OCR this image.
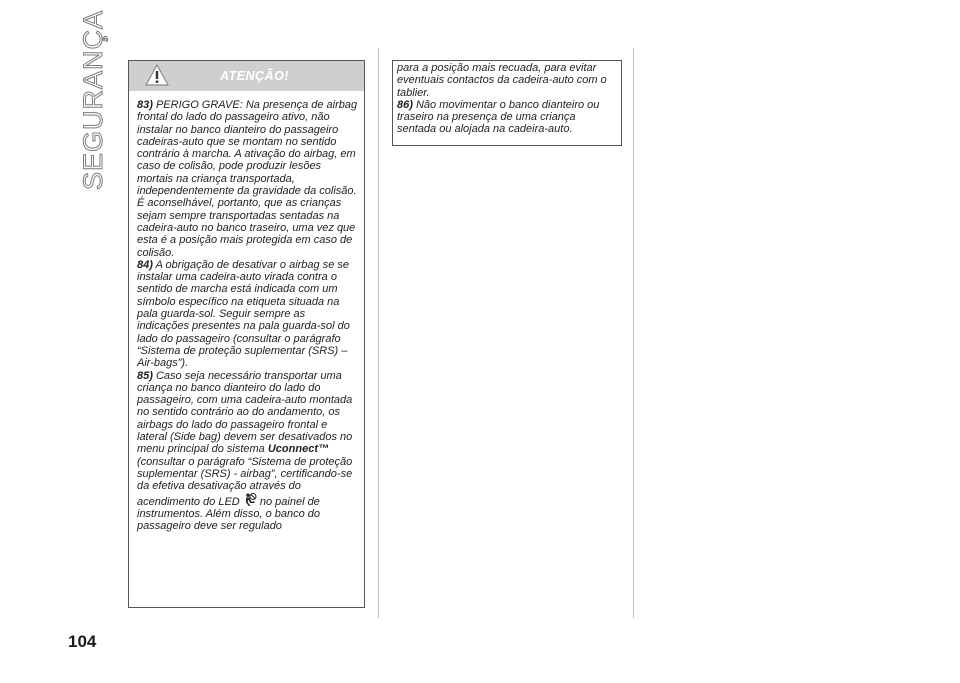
SEGURANÇA	ATENÇÃO!

83) PERIGO GRAVE: Na presença de airbag frontal do lado do passageiro ativo, não instalar no banco dianteiro do passageiro cadeiras-auto que se montam no sentido contrário à marcha. A ativação do airbag, em caso de colisão, pode produzir lesões mortais na criança transportada, independentemente da gravidade da colisão. É aconselhável, portanto, que as crianças sejam sempre transportadas sentadas na cadeira-auto no banco traseiro, uma vez que esta é a posição mais protegida em caso de colisão.

84) A obrigação de desativar o airbag se se instalar uma cadeira-auto virada contra o sentido de marcha está indicada com um símbolo específico na etiqueta situada na pala guarda-sol. Seguir sempre as indicações presentes na pala guarda-sol do lado do passageiro (consultar o parágrafo “Sistema de proteção suplementar (SRS) – Air-bags”).

85) Caso seja necessário transportar uma criança no banco dianteiro do lado do passageiro, com uma cadeira-auto montada no sentido contrário ao do andamento, os airbags do lado do passageiro frontal e lateral (Side bag) devem ser desativados no menu principal do sistema Uconnect™ (consultar o parágrafo “Sistema de proteção suplementar (SRS) - airbag”, certificando-se da efetiva desativação através do acendimento do LED no painel de instrumentos. Além disso, o banco do passageiro deve ser regulado

para a posição mais recuada, para evitar eventuais contactos da cadeira-auto com o tablier.

86) Não movimentar o banco dianteiro ou traseiro na presença de uma criança sentada ou alojada na cadeira-auto.

104
